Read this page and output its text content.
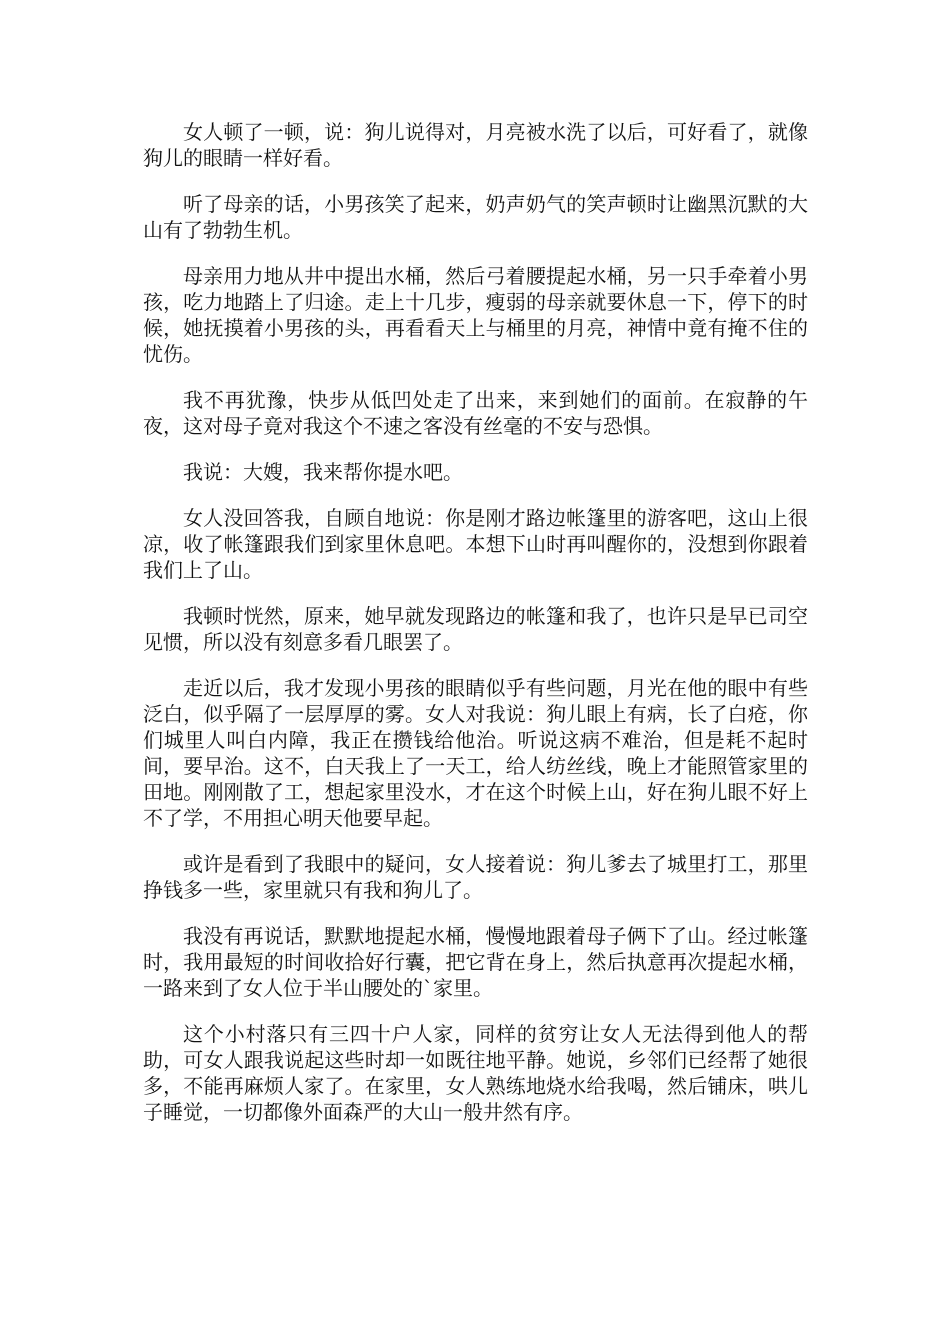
女人顿了一顿，说：狗儿说得对，月亮被水洗了以后，可好看了，就像狗儿的眼睛一样好看。

听了母亲的话，小男孩笑了起来，奶声奶气的笑声顿时让幽黑沉默的大山有了勃勃生机。

母亲用力地从井中提出水桶，然后弓着腰提起水桶，另一只手牵着小男孩，吃力地踏上了归途。走上十几步，瘦弱的母亲就要休息一下，停下的时候，她抚摸着小男孩的头，再看看天上与桶里的月亮，神情中竟有掩不住的忧伤。

我不再犹豫，快步从低凹处走了出来，来到她们的面前。在寂静的午夜，这对母子竟对我这个不速之客没有丝毫的不安与恐惧。

我说：大嫂，我来帮你提水吧。

女人没回答我，自顾自地说：你是刚才路边帐篷里的游客吧，这山上很凉，收了帐篷跟我们到家里休息吧。本想下山时再叫醒你的，没想到你跟着我们上了山。

我顿时恍然，原来，她早就发现路边的帐篷和我了，也许只是早已司空见惯，所以没有刻意多看几眼罢了。

走近以后，我才发现小男孩的眼睛似乎有些问题，月光在他的眼中有些泛白，似乎隔了一层厚厚的雾。女人对我说：狗儿眼上有病，长了白疮，你们城里人叫白内障，我正在攒钱给他治。听说这病不难治，但是耗不起时间，要早治。这不，白天我上了一天工，给人纺丝线，晚上才能照管家里的田地。刚刚散了工，想起家里没水，才在这个时候上山，好在狗儿眼不好上不了学，不用担心明天他要早起。

或许是看到了我眼中的疑问，女人接着说：狗儿爹去了城里打工，那里挣钱多一些，家里就只有我和狗儿了。

我没有再说话，默默地提起水桶，慢慢地跟着母子俩下了山。经过帐篷时，我用最短的时间收拾好行囊，把它背在身上，然后执意再次提起水桶，一路来到了女人位于半山腰处的`家里。

这个小村落只有三四十户人家，同样的贫穷让女人无法得到他人的帮助，可女人跟我说起这些时却一如既往地平静。她说，乡邻们已经帮了她很多，不能再麻烦人家了。在家里，女人熟练地烧水给我喝，然后铺床，哄儿子睡觉，一切都像外面森严的大山一般井然有序。
